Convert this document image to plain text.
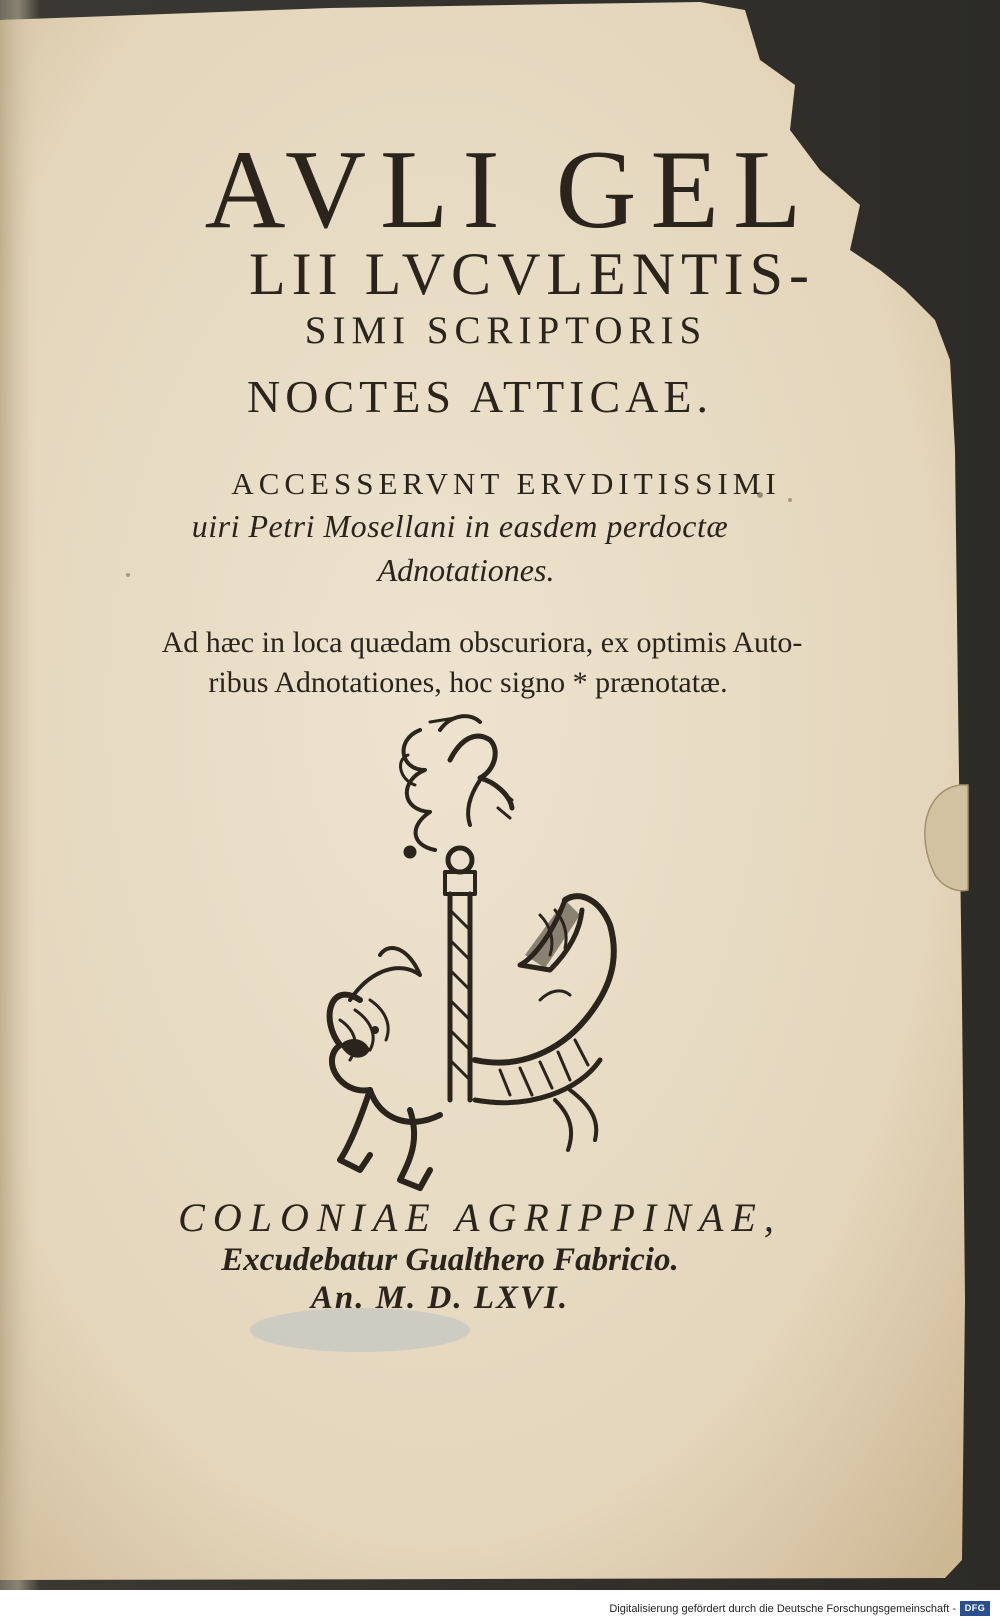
AVLI GEL
LII LVCVLENTIS-
SIMI SCRIPTORIS
NOCTES ATTICAE.
ACCESSERVNT ERVDITISSIMI
uiri Petri Mosellani in easdem perdoctæ
Adnotationes.
Ad hæc in loca quædam obscuriora, ex optimis Auto-
ribus Adnotationes, hoc signo * prænotatæ.
COLONIAE AGRIPPINAE,
Excudebatur Gualthero Fabricio.
An. M. D. LXVI.
Digitalisierung gefördert durch die Deutsche Forschungsgemeinschaft - DFG
